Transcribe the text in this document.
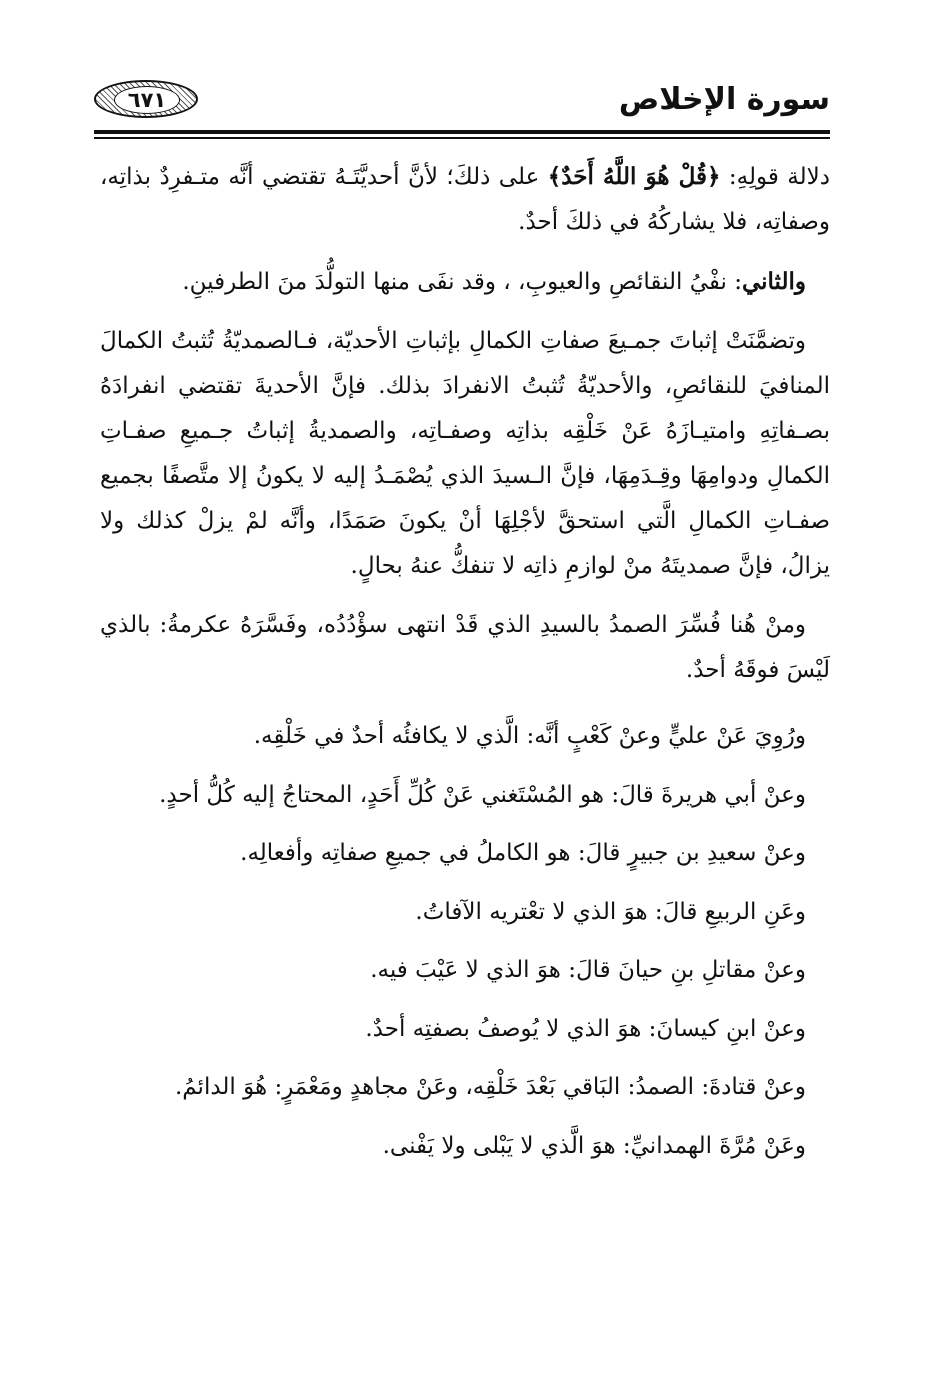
سورة الإخلاص
٦٧١

دلالة قولِهِ: ﴿قُلْ هُوَ اللَّهُ أَحَدٌ﴾ على ذلكَ؛ لأنَّ أحديَّتَـهُ تقتضي أنَّه متـفرِدٌ بذاتِه، وصفاتِه، فلا يشاركُهُ في ذلكَ أحدٌ.

والثاني: نفْيُ النقائصِ والعيوبِ، ، وقد نفَى منها التولُّدَ منَ الطرفينِ.

وتضمَّنَتْ إثباتَ جمـيعَ صفاتِ الكمالِ بإثباتِ الأحديّة، فـالصمديّةُ تُثبتُ الكمالَ المنافيَ للنقائصِ، والأحديّةُ تُثبتُ الانفرادَ بذلك. فإنَّ الأحديةَ تقتضي انفرادَهُ بصـفاتِهِ وامتيـازَهُ عَنْ خَلْقِه بذاتِه وصفـاتِه، والصمديةُ إثباتُ جـميعِ صفـاتِ الكمالِ ودوامِهَا وقِـدَمِهَا، فإنَّ الـسيدَ الذي يُصْمَـدُ إليه لا يكونُ إلا متَّصفًا بجميع صفـاتِ الكمالِ الَّتي استحقَّ لأجْلِهَا أنْ يكونَ صَمَدًا، وأنَّه لمْ يزلْ كذلك ولا يزالُ، فإنَّ صمديتَهُ منْ لوازمِ ذاتِه لا تنفكُّ عنهُ بحالٍ.

ومنْ هُنا فُسِّرَ الصمدُ بالسيدِ الذي قَدْ انتهى سؤْدُدُه، وفَسَّرَهُ عكرمةُ: بالذي لَيْسَ فوقَهُ أحدٌ.

ورُوِيَ عَنْ عليٍّ وعنْ كَعْبٍ أنَّه: الَّذي لا يكافئُه أحدٌ في خَلْقِه.

وعنْ أبي هريرةَ قالَ: هو المُسْتَغني عَنْ كُلِّ أَحَدٍ، المحتاجُ إليه كُلُّ أحدٍ.

وعنْ سعيدِ بن جبيرٍ قالَ: هو الكاملُ في جميعِ صفاتِه وأفعالِه.

وعَنِ الربيعِ قالَ: هوَ الذي لا تعْتريه الآفاتُ.

وعنْ مقاتلِ بنِ حيانَ قالَ: هوَ الذي لا عَيْبَ فيه.

وعنْ ابنِ كيسانَ: هوَ الذي لا يُوصفُ بصفتِه أحدٌ.

وعنْ قتادةَ: الصمدُ: البَاقي بَعْدَ خَلْقِه، وعَنْ مجاهدٍ ومَعْمَرٍ: هُوَ الدائمُ.

وعَنْ مُرَّةَ الهمدانيِّ: هوَ الَّذي لا يَبْلى ولا يَفْنى.
